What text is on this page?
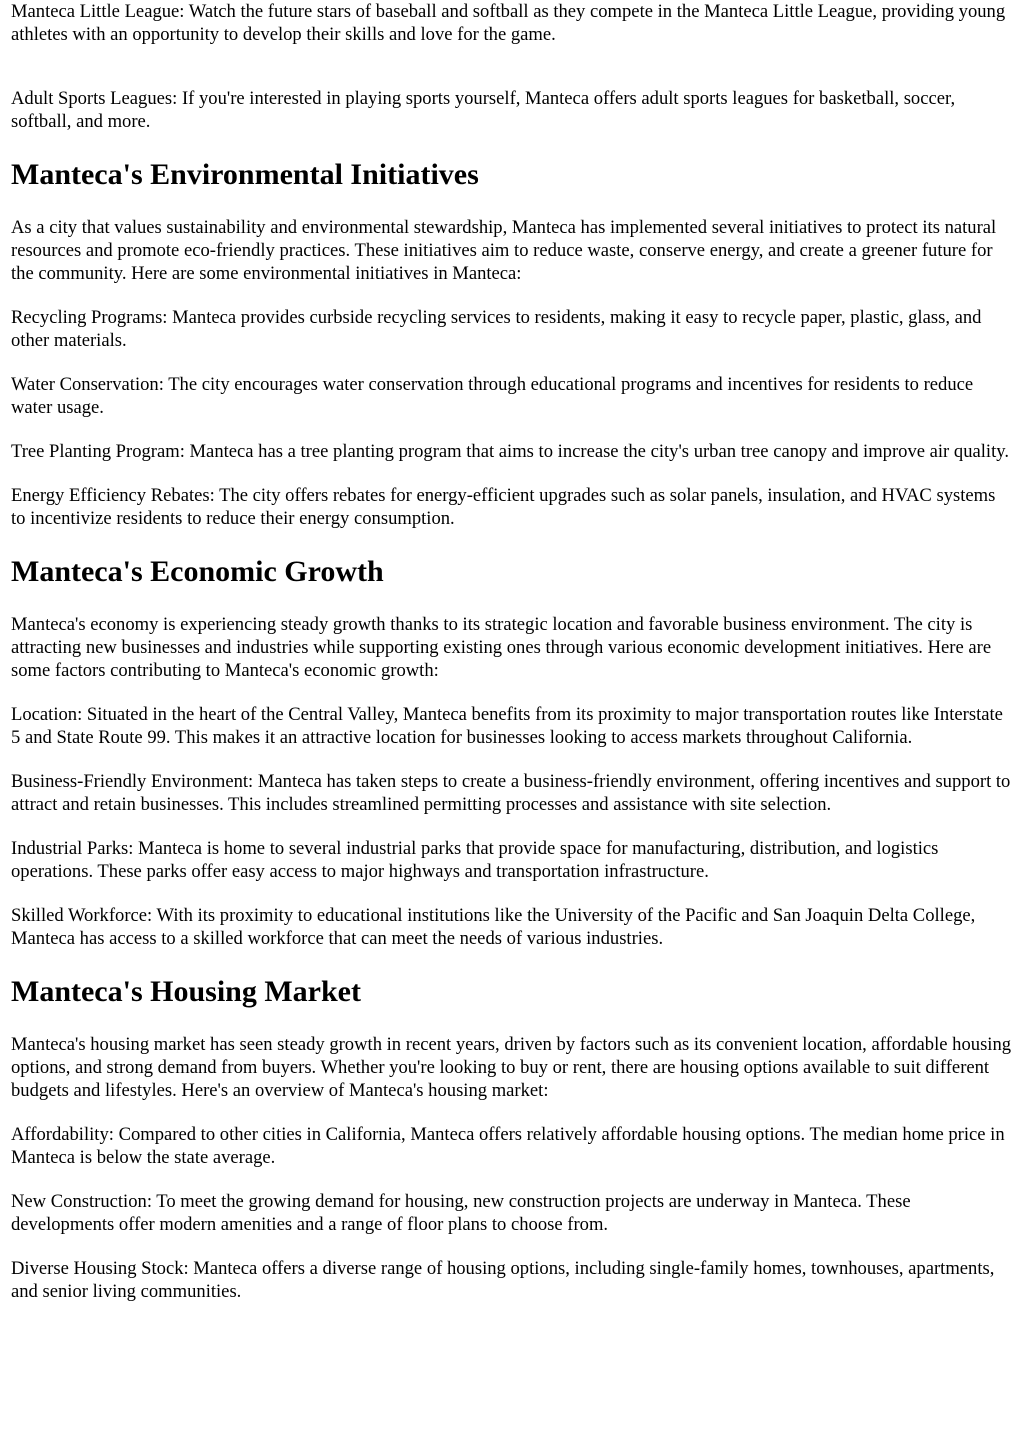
Manteca Little League: Watch the future stars of baseball and softball as they compete in the Manteca Little League, providing young athletes with an opportunity to develop their skills and love for the game.

Adult Sports Leagues: If you're interested in playing sports yourself, Manteca offers adult sports leagues for basketball, soccer, softball, and more.

Manteca's Environmental Initiatives

As a city that values sustainability and environmental stewardship, Manteca has implemented several initiatives to protect its natural resources and promote eco-friendly practices. These initiatives aim to reduce waste, conserve energy, and create a greener future for the community. Here are some environmental initiatives in Manteca:

Recycling Programs: Manteca provides curbside recycling services to residents, making it easy to recycle paper, plastic, glass, and other materials.

Water Conservation: The city encourages water conservation through educational programs and incentives for residents to reduce water usage.

Tree Planting Program: Manteca has a tree planting program that aims to increase the city's urban tree canopy and improve air quality.

Energy Efficiency Rebates: The city offers rebates for energy-efficient upgrades such as solar panels, insulation, and HVAC systems to incentivize residents to reduce their energy consumption.

Manteca's Economic Growth

Manteca's economy is experiencing steady growth thanks to its strategic location and favorable business environment. The city is attracting new businesses and industries while supporting existing ones through various economic development initiatives. Here are some factors contributing to Manteca's economic growth:

Location: Situated in the heart of the Central Valley, Manteca benefits from its proximity to major transportation routes like Interstate 5 and State Route 99. This makes it an attractive location for businesses looking to access markets throughout California.

Business-Friendly Environment: Manteca has taken steps to create a business-friendly environment, offering incentives and support to attract and retain businesses. This includes streamlined permitting processes and assistance with site selection.

Industrial Parks: Manteca is home to several industrial parks that provide space for manufacturing, distribution, and logistics operations. These parks offer easy access to major highways and transportation infrastructure.

Skilled Workforce: With its proximity to educational institutions like the University of the Pacific and San Joaquin Delta College, Manteca has access to a skilled workforce that can meet the needs of various industries.

Manteca's Housing Market

Manteca's housing market has seen steady growth in recent years, driven by factors such as its convenient location, affordable housing options, and strong demand from buyers. Whether you're looking to buy or rent, there are housing options available to suit different budgets and lifestyles. Here's an overview of Manteca's housing market:

Affordability: Compared to other cities in California, Manteca offers relatively affordable housing options. The median home price in Manteca is below the state average.

New Construction: To meet the growing demand for housing, new construction projects are underway in Manteca. These developments offer modern amenities and a range of floor plans to choose from.

Diverse Housing Stock: Manteca offers a diverse range of housing options, including single-family homes, townhouses, apartments, and senior living communities.
